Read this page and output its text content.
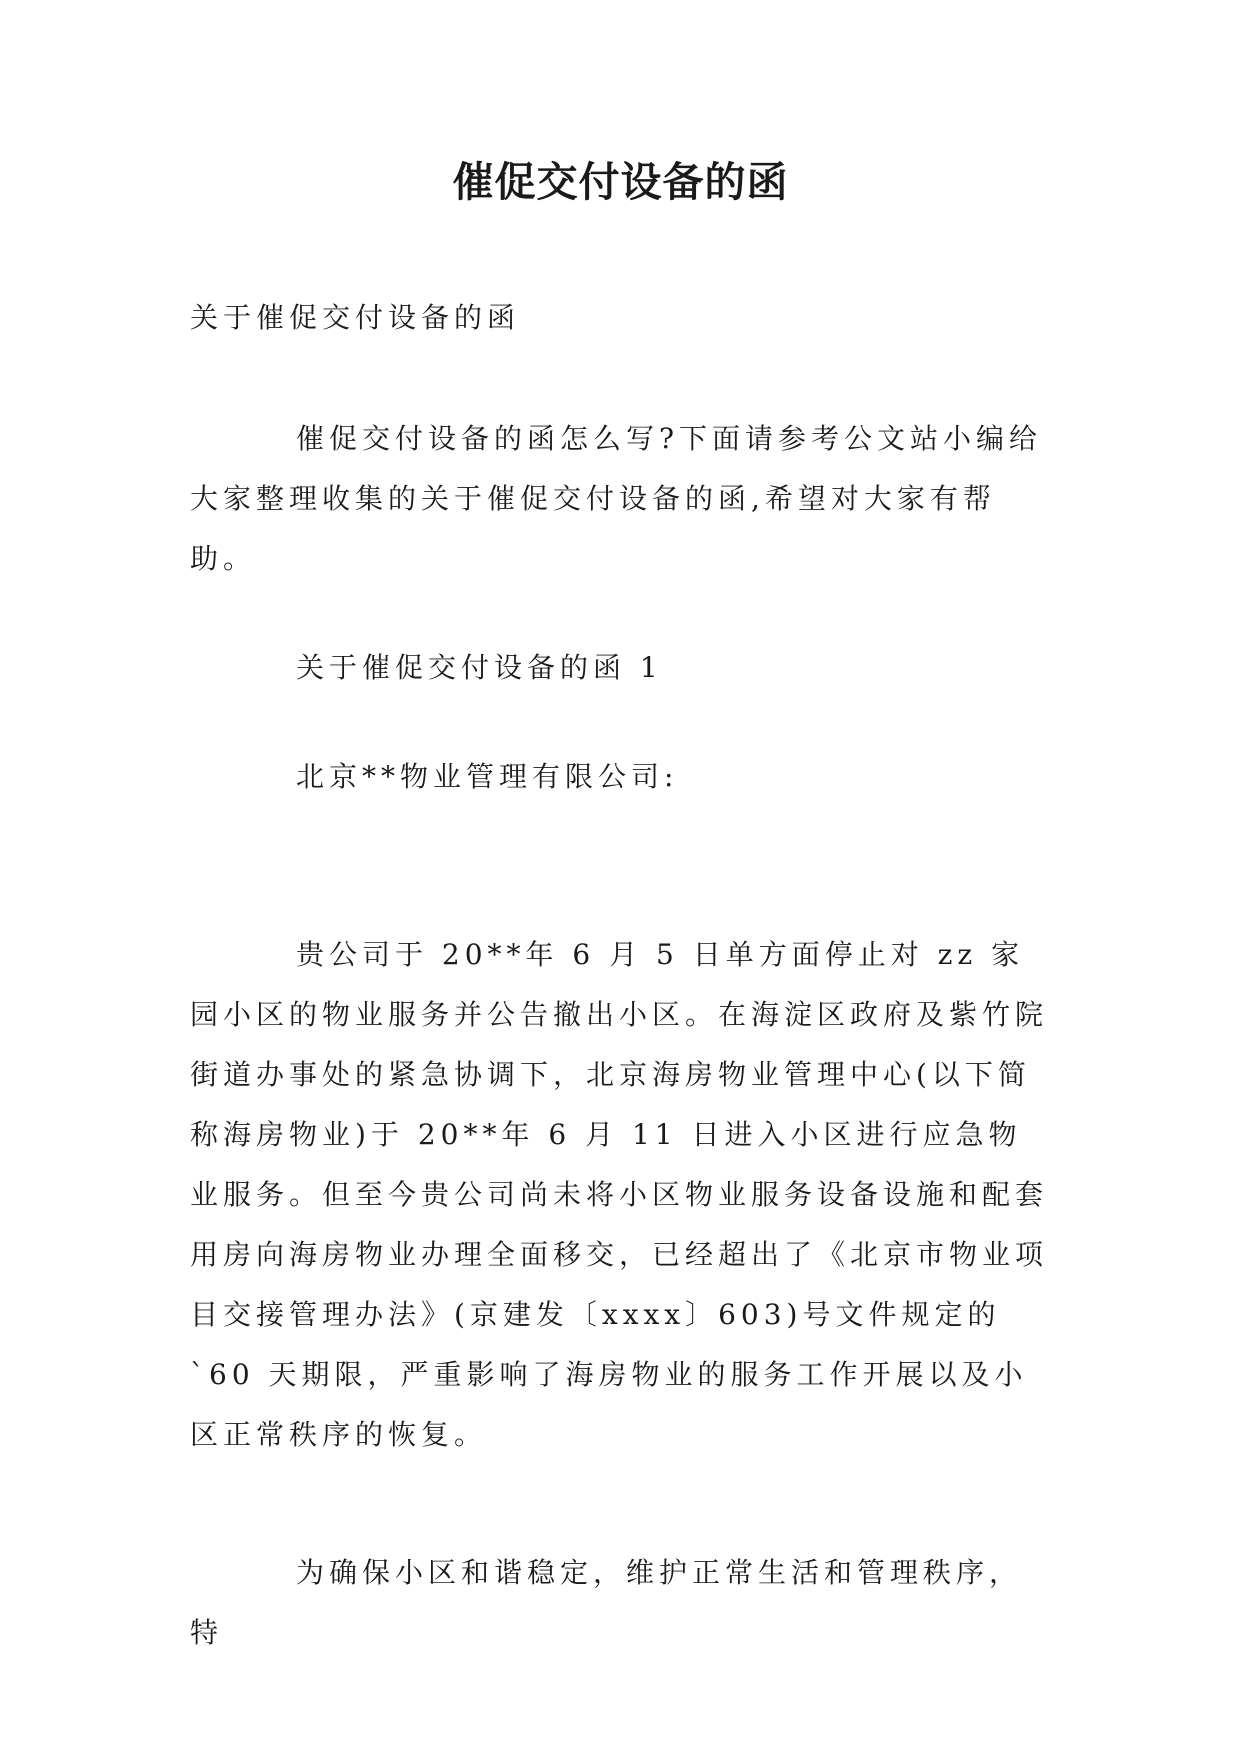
催促交付设备的函

关于催促交付设备的函

催促交付设备的函怎么写?下面请参考公文站小编给大家整理收集的关于催促交付设备的函,希望对大家有帮助。

关于催促交付设备的函 1

北京**物业管理有限公司:

贵公司于 20**年 6 月 5 日单方面停止对 zz 家园小区的物业服务并公告撤出小区。在海淀区政府及紫竹院街道办事处的紧急协调下，北京海房物业管理中心(以下简称海房物业)于 20**年 6 月 11 日进入小区进行应急物业服务。但至今贵公司尚未将小区物业服务设备设施和配套用房向海房物业办理全面移交，已经超出了《北京市物业项目交接管理办法》(京建发〔xxxx〕603)号文件规定的`60 天期限，严重影响了海房物业的服务工作开展以及小区正常秩序的恢复。

为确保小区和谐稳定，维护正常生活和管理秩序，特
